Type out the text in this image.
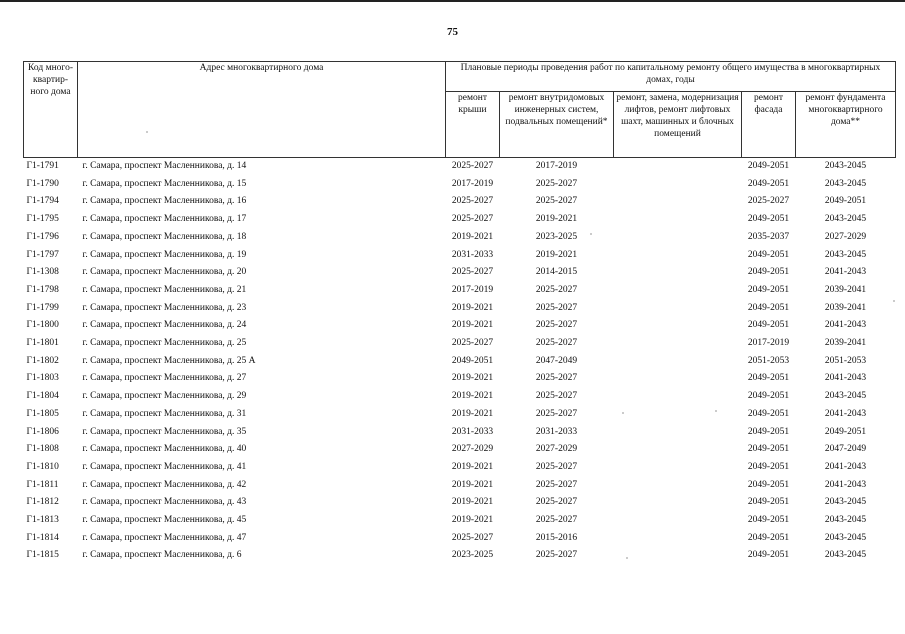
75
Код много-квартир-ного дома	Адрес многоквартирного дома	Плановые периоды проведения работ по капитальному ремонту общего имущества в многоквартирных домах, годы				
		ремонт крыши	ремонт внутридомовых инженерных систем, подвальных помещений*	ремонт, замена, модернизация лифтов, ремонт лифтовых шахт, машинных и блочных помещений	ремонт фасада	ремонт фундамента многоквартирного дома**
Г1-1791	г. Самара, проспект Масленникова, д. 14	2025-2027	2017-2019		2049-2051	2043-2045
Г1-1790	г. Самара, проспект Масленникова, д. 15	2017-2019	2025-2027		2049-2051	2043-2045
Г1-1794	г. Самара, проспект Масленникова, д. 16	2025-2027	2025-2027		2025-2027	2049-2051
Г1-1795	г. Самара, проспект Масленникова, д. 17	2025-2027	2019-2021		2049-2051	2043-2045
Г1-1796	г. Самара, проспект Масленникова, д. 18	2019-2021	2023-2025		2035-2037	2027-2029
Г1-1797	г. Самара, проспект Масленникова, д. 19	2031-2033	2019-2021		2049-2051	2043-2045
Г1-1308	г. Самара, проспект Масленникова, д. 20	2025-2027	2014-2015		2049-2051	2041-2043
Г1-1798	г. Самара, проспект Масленникова, д. 21	2017-2019	2025-2027		2049-2051	2039-2041
Г1-1799	г. Самара, проспект Масленникова, д. 23	2019-2021	2025-2027		2049-2051	2039-2041
Г1-1800	г. Самара, проспект Масленникова, д. 24	2019-2021	2025-2027		2049-2051	2041-2043
Г1-1801	г. Самара, проспект Масленникова, д. 25	2025-2027	2025-2027		2017-2019	2039-2041
Г1-1802	г. Самара, проспект Масленникова, д. 25 А	2049-2051	2047-2049		2051-2053	2051-2053
Г1-1803	г. Самара, проспект Масленникова, д. 27	2019-2021	2025-2027		2049-2051	2041-2043
Г1-1804	г. Самара, проспект Масленникова, д. 29	2019-2021	2025-2027		2049-2051	2043-2045
Г1-1805	г. Самара, проспект Масленникова, д. 31	2019-2021	2025-2027		2049-2051	2041-2043
Г1-1806	г. Самара, проспект Масленникова, д. 35	2031-2033	2031-2033		2049-2051	2049-2051
Г1-1808	г. Самара, проспект Масленникова, д. 40	2027-2029	2027-2029		2049-2051	2047-2049
Г1-1810	г. Самара, проспект Масленникова, д. 41	2019-2021	2025-2027		2049-2051	2041-2043
Г1-1811	г. Самара, проспект Масленникова, д. 42	2019-2021	2025-2027		2049-2051	2041-2043
Г1-1812	г. Самара, проспект Масленникова, д. 43	2019-2021	2025-2027		2049-2051	2043-2045
Г1-1813	г. Самара, проспект Масленникова, д. 45	2019-2021	2025-2027		2049-2051	2043-2045
Г1-1814	г. Самара, проспект Масленникова, д. 47	2025-2027	2015-2016		2049-2051	2043-2045
Г1-1815	г. Самара, проспект Масленникова, д. 6	2023-2025	2025-2027		2049-2051	2043-2045
